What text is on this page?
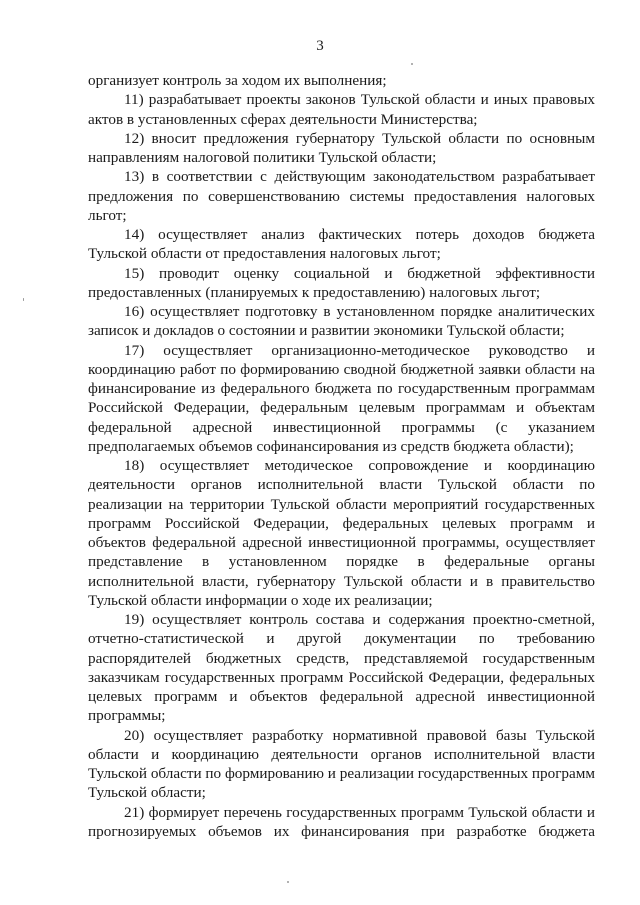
3

организует контроль за ходом их выполнения;

11) разрабатывает проекты законов Тульской области и иных правовых актов в установленных сферах деятельности Министерства;

12) вносит предложения губернатору Тульской области по основным направлениям налоговой политики Тульской области;

13) в соответствии с действующим законодательством разрабатывает предложения по совершенствованию системы предоставления налоговых льгот;

14) осуществляет анализ фактических потерь доходов бюджета Тульской области от предоставления налоговых льгот;

15) проводит оценку социальной и бюджетной эффективности предоставленных (планируемых к предоставлению) налоговых льгот;

16) осуществляет подготовку в установленном порядке аналитических записок и докладов о состоянии и развитии экономики Тульской области;

17) осуществляет организационно-методическое руководство и координацию работ по формированию сводной бюджетной заявки области на финансирование из федерального бюджета по государственным программам Российской Федерации, федеральным целевым программам и объектам федеральной адресной инвестиционной программы (с указанием предполагаемых объемов софинансирования из средств бюджета области);

18) осуществляет методическое сопровождение и координацию деятельности органов исполнительной власти Тульской области по реализации на территории Тульской области мероприятий государственных программ Российской Федерации, федеральных целевых программ и объектов федеральной адресной инвестиционной программы, осуществляет представление в установленном порядке в федеральные органы исполнительной власти, губернатору Тульской области и в правительство Тульской области информации о ходе их реализации;

19) осуществляет контроль состава и содержания проектно-сметной, отчетно-статистической и другой документации по требованию распорядителей бюджетных средств, представляемой государственным заказчикам государственных программ Российской Федерации, федеральных целевых программ и объектов федеральной адресной инвестиционной программы;

20) осуществляет разработку нормативной правовой базы Тульской области и координацию деятельности органов исполнительной власти Тульской области по формированию и реализации государственных программ Тульской области;

21) формирует перечень государственных программ Тульской области и прогнозируемых объемов их финансирования при разработке бюджета
